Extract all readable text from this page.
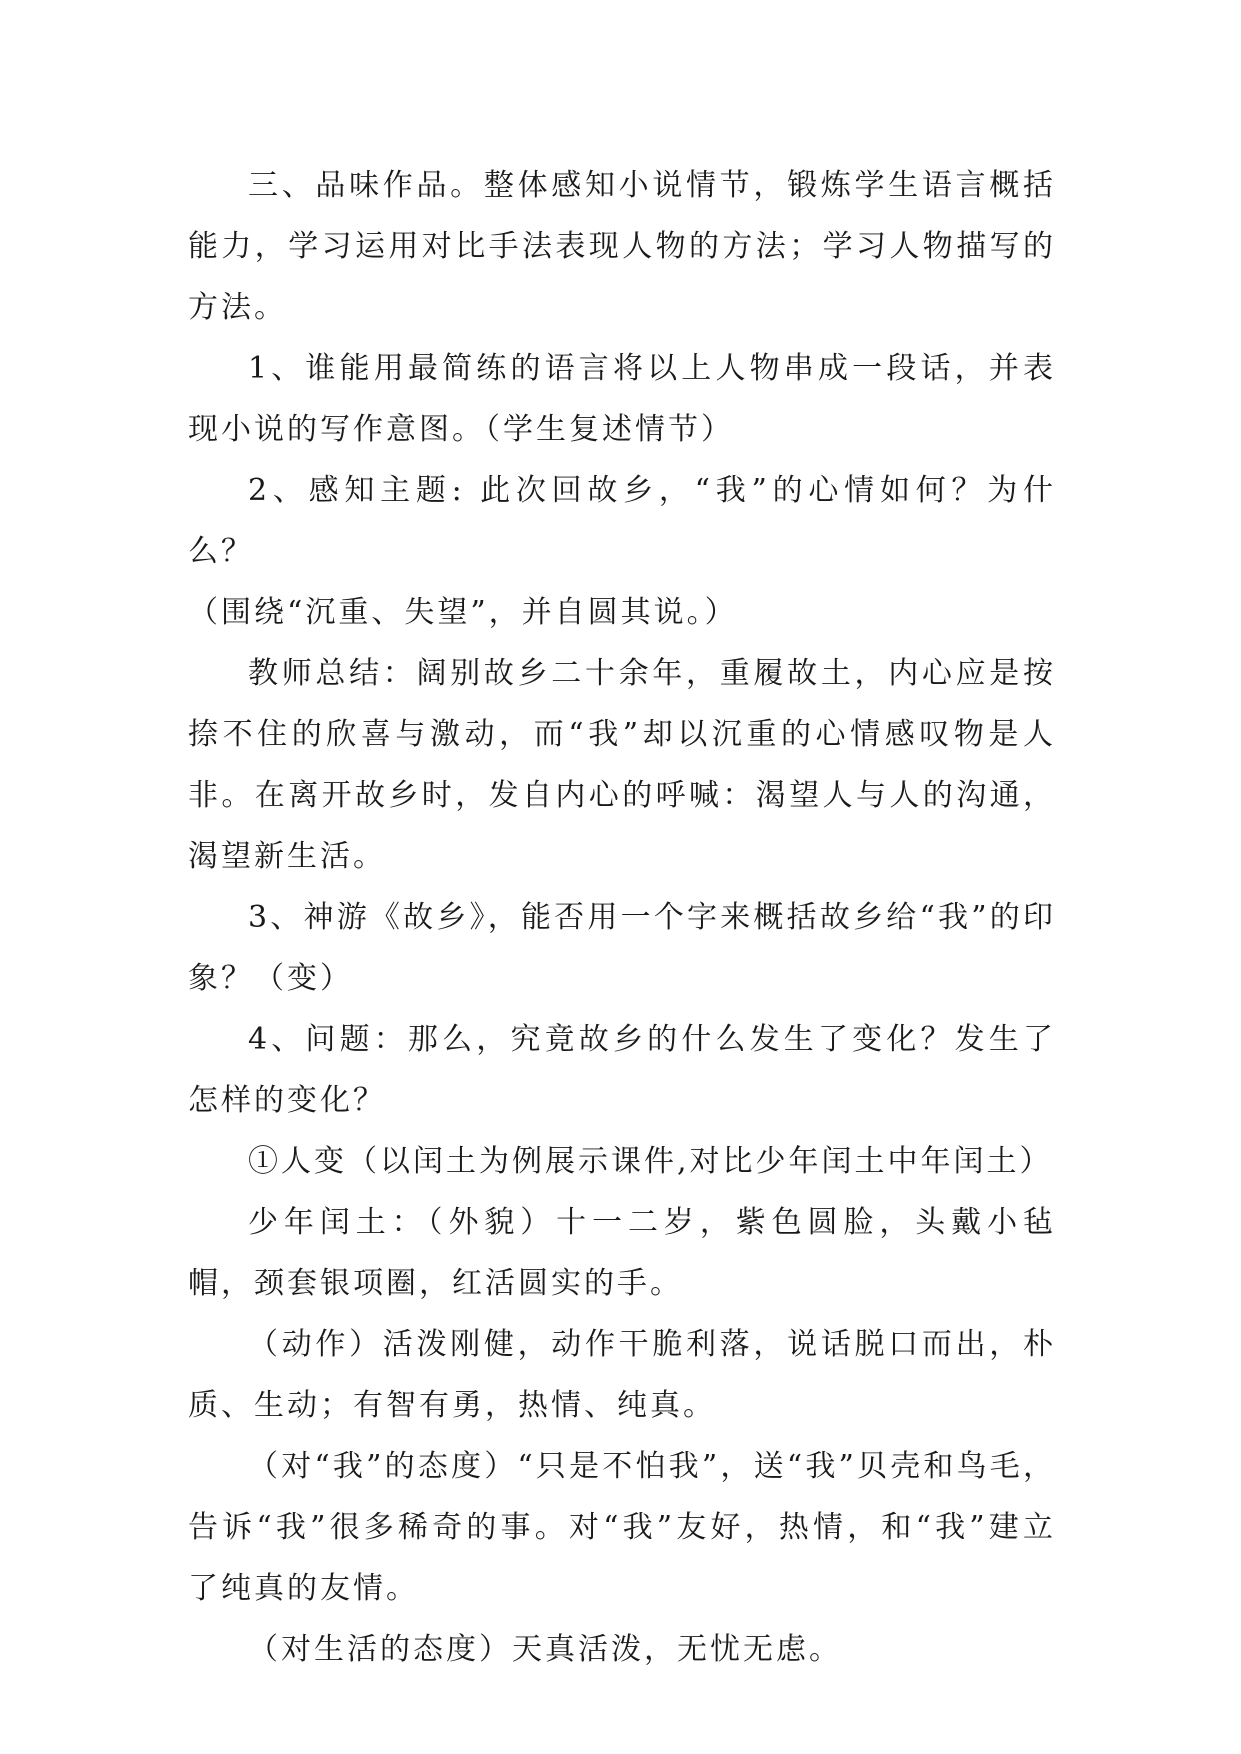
三、品味作品。整体感知小说情节，锻炼学生语言概括能力，学习运用对比手法表现人物的方法；学习人物描写的方法。

1、谁能用最简练的语言将以上人物串成一段话，并表现小说的写作意图。（学生复述情节）

2、感知主题: 此次回故乡，“我”的心情如何？为什么？

（围绕“沉重、失望”，并自圆其说。）

教师总结：阔别故乡二十余年，重履故土，内心应是按捺不住的欣喜与激动，而“我”却以沉重的心情感叹物是人非。在离开故乡时，发自内心的呼喊：渴望人与人的沟通，渴望新生活。

3、神游《故乡》，能否用一个字来概括故乡给“我”的印象？（变）

4、问题：那么，究竟故乡的什么发生了变化？发生了怎样的变化？

①人变（以闰土为例展示课件,对比少年闰土中年闰土）

少年闰土：（外貌）十一二岁，紫色圆脸，头戴小毡帽，颈套银项圈，红活圆实的手。

（动作）活泼刚健，动作干脆利落，说话脱口而出，朴质、生动；有智有勇，热情、纯真。

（对“我”的态度）“只是不怕我”，送“我”贝壳和鸟毛，告诉“我”很多稀奇的事。对“我”友好，热情，和“我”建立了纯真的友情。

（对生活的态度）天真活泼，无忧无虑。
